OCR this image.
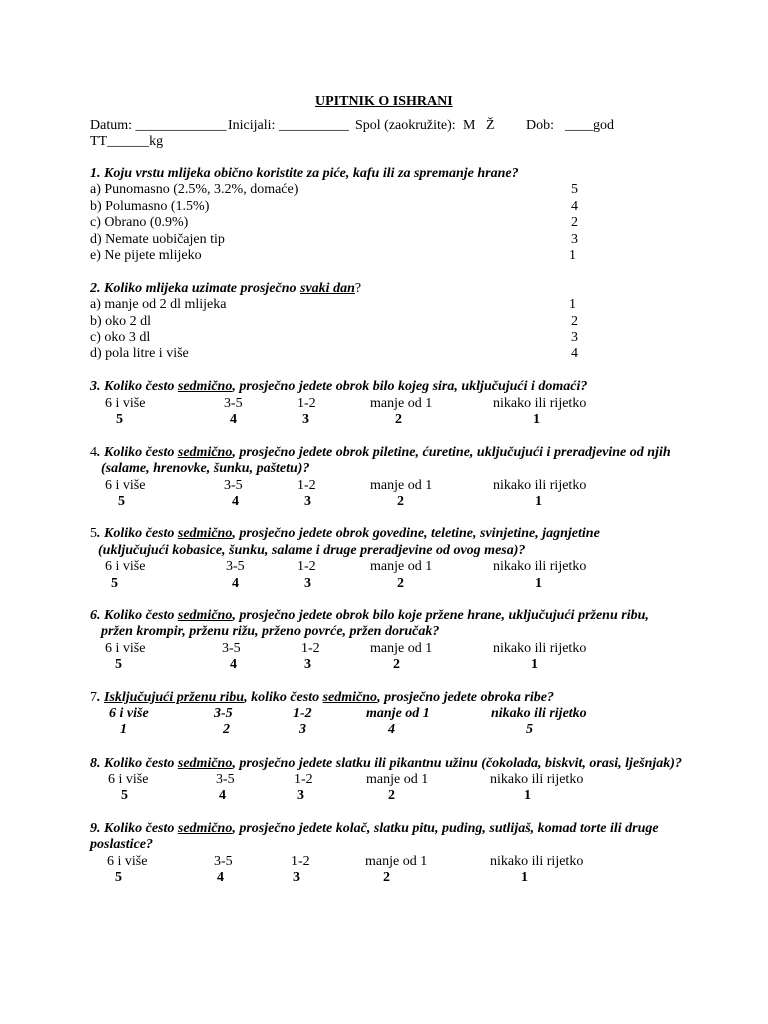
UPITNIK O ISHRANI
Datum: _____________ Inicijali: __________ Spol (zaokružite): M Ž Dob: ____god
TT______kg
1. Koju vrstu mlijeka obično koristite za piće, kafu ili za spremanje hrane?
a) Punomasno (2.5%, 3.2%, domaće)	5
b) Polumasno (1.5%)	4
c) Obrano (0.9%)	2
d) Nemate uobičajen tip	3
e) Ne pijete mlijeko	1
2. Koliko mlijeka uzimate prosječno svaki dan?
a) manje od 2 dl mlijeka	1
b) oko 2 dl	2
c) oko 3 dl	3
d) pola litre i više	4
3. Koliko često sedmično, prosječno jedete obrok bilo kojeg sira, uključujući i domaći?
6 i više	3-5	1-2	manje od 1	nikako ili rijetko
5	4	3	2	1
4. Koliko često sedmično, prosječno jedete obrok piletine, ćuretine, uključujući i preradjevine od njih
(salame, hrenovke, šunku, paštetu)?
6 i više	3-5	1-2	manje od 1	nikako ili rijetko
5	4	3	2	1
5. Koliko često sedmično, prosječno jedete obrok govedine, teletine, svinjetine, jagnjetine
(uključujući kobasice, šunku, salame i druge preradjevine od ovog mesa)?
6 i više	3-5	1-2	manje od 1	nikako ili rijetko
5	4	3	2	1
6. Koliko često sedmično, prosječno jedete obrok bilo koje pržene hrane, uključujući prženu ribu,
pržen krompir, prženu rižu, prženo povrće, pržen doručak?
6 i više	3-5	1-2	manje od 1	nikako ili rijetko
5	4	3	2	1
7. Isključujući prženu ribu, koliko često sedmično, prosječno jedete obroka ribe?
6 i više	3-5	1-2	manje od 1	nikako ili rijetko
1	2	3	4	5
8. Koliko često sedmično, prosječno jedete slatku ili pikantnu užinu (čokolada, biskvit, orasi, lješnjak)?
6 i više	3-5	1-2	manje od 1	nikako ili rijetko
5	4	3	2	1
9. Koliko često sedmično, prosječno jedete kolač, slatku pitu, puding, sutlijaš, komad torte ili druge
poslastice?
6 i više	3-5	1-2	manje od 1	nikako ili rijetko
5	4	3	2	1
